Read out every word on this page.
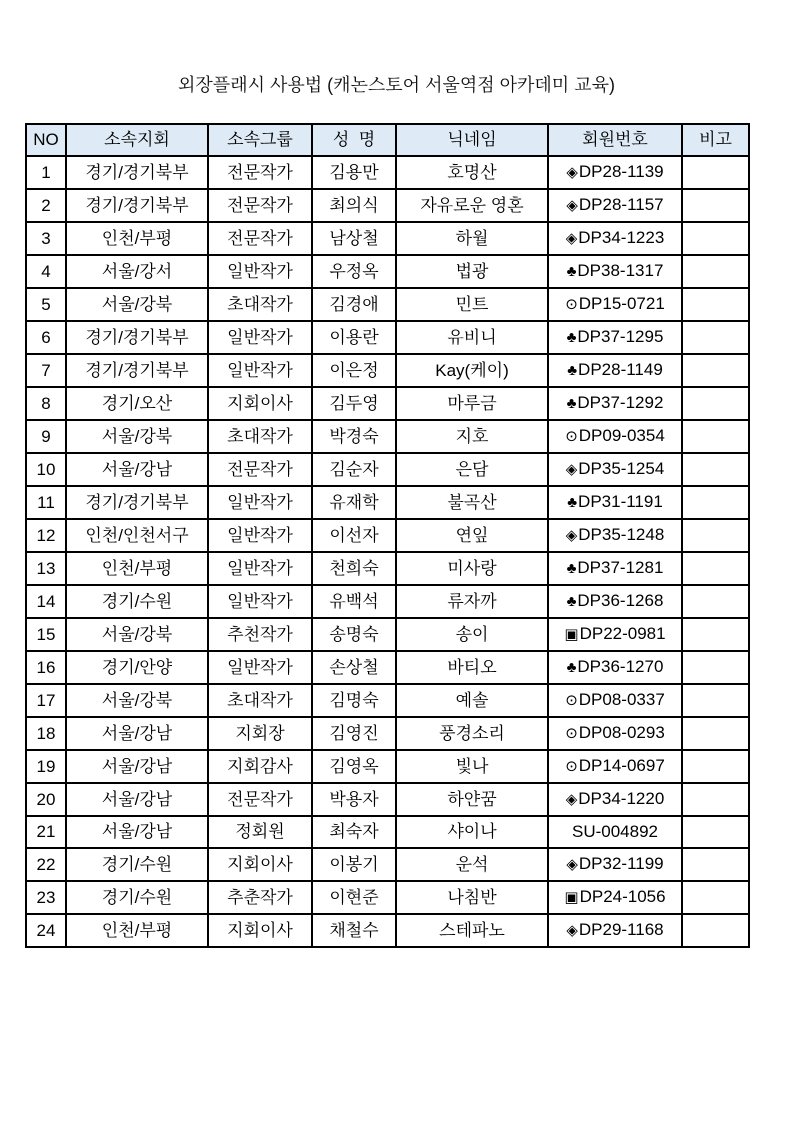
외장플래시 사용법 (캐논스토어 서울역점 아카데미 교육)
NO	소속지회	소속그룹	성  명	닉네임	회원번호	비고
1	경기/경기북부	전문작가	김용만	호명산	◈DP28-1139	
2	경기/경기북부	전문작가	최의식	자유로운 영혼	◈DP28-1157	
3	인천/부평	전문작가	남상철	하월	◈DP34-1223	
4	서울/강서	일반작가	우정옥	법광	♣DP38-1317	
5	서울/강북	초대작가	김경애	민트	⊙DP15-0721	
6	경기/경기북부	일반작가	이용란	유비니	♣DP37-1295	
7	경기/경기북부	일반작가	이은정	Kay(케이)	♣DP28-1149	
8	경기/오산	지회이사	김두영	마루금	♣DP37-1292	
9	서울/강북	초대작가	박경숙	지호	⊙DP09-0354	
10	서울/강남	전문작가	김순자	은담	◈DP35-1254	
11	경기/경기북부	일반작가	유재학	불곡산	♣DP31-1191	
12	인천/인천서구	일반작가	이선자	연잎	◈DP35-1248	
13	인천/부평	일반작가	천희숙	미사랑	♣DP37-1281	
14	경기/수원	일반작가	유백석	류자까	♣DP36-1268	
15	서울/강북	추천작가	송명숙	송이	▣DP22-0981	
16	경기/안양	일반작가	손상철	바티오	♣DP36-1270	
17	서울/강북	초대작가	김명숙	예솔	⊙DP08-0337	
18	서울/강남	지회장	김영진	풍경소리	⊙DP08-0293	
19	서울/강남	지회감사	김영옥	빛나	⊙DP14-0697	
20	서울/강남	전문작가	박용자	하얀꿈	◈DP34-1220	
21	서울/강남	정회원	최숙자	샤이나	SU-004892	
22	경기/수원	지회이사	이봉기	운석	◈DP32-1199	
23	경기/수원	추춘작가	이현준	나침반	▣DP24-1056	
24	인천/부평	지회이사	채철수	스테파노	◈DP29-1168	
